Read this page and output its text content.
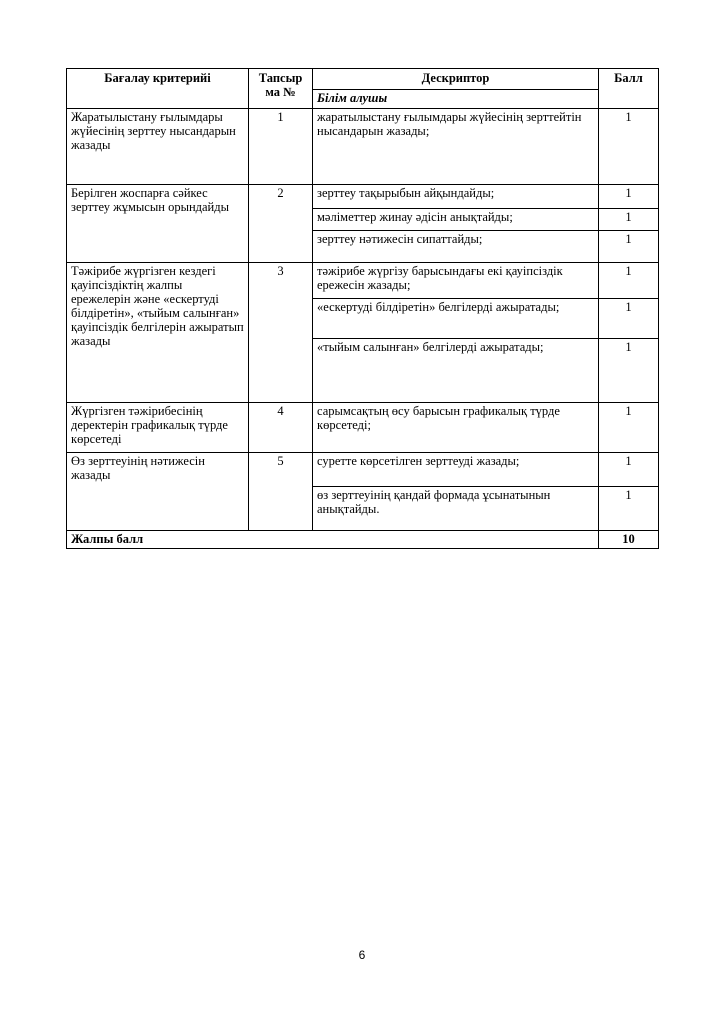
Бағалау критерийі	Тапсыр ма №	Дескриптор	Балл
		Білім алушы	
Жаратылыстану ғылымдары жүйесінің зерттеу нысандарын жазады	1	жаратылыстану ғылымдары жүйесінің зерттейтін нысандарын жазады;	1
Берілген жоспарға сәйкес зерттеу жұмысын орындайды	2	зерттеу тақырыбын айқындайды;	1
		мәліметтер жинау әдісін анықтайды;	1
		зерттеу нәтижесін сипаттайды;	1
Тәжірибе жүргізген кездегі қауіпсіздіктің жалпы ережелерін және «ескертуді білдіретін», «тыйым салынған» қауіпсіздік белгілерін ажыратып жазады	3	тәжірибе жүргізу барысындағы екі қауіпсіздік ережесін жазады;	1
		«ескертуді білдіретін» белгілерді ажыратады;	1
		«тыйым салынған» белгілерді ажыратады;	1
Жүргізген тәжірибесінің деректерін графикалық түрде көрсетеді	4	сарымсақтың өсу барысын графикалық түрде көрсетеді;	1
Өз зерттеуінің нәтижесін жазады	5	суретте көрсетілген зерттеуді жазады;	1
		өз зерттеуінің қандай формада ұсынатынын анықтайды.	1
Жалпы балл			10
6
